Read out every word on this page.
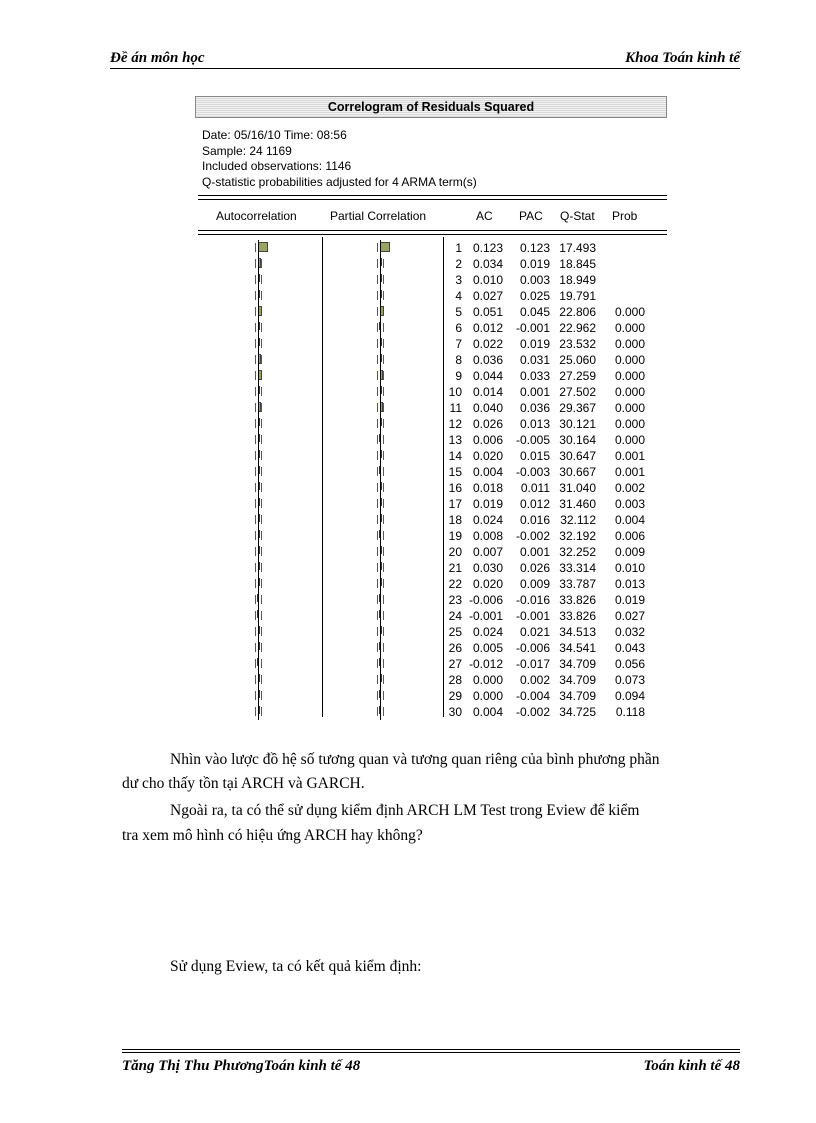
Đề án môn học	Khoa Toán kinh tế
Correlogram of Residuals Squared
Date: 05/16/10 Time: 08:56
Sample: 24 1169
Included observations: 1146
Q-statistic probabilities adjusted for 4 ARMA term(s)
Autocorrelation	Partial Correlation	AC PAC Q-Stat Prob
1 0.123	0.123 17.493
2 0.034	0.019 18.845
3 0.010	0.003 18.949
4 0.027	0.025 19.791
5 0.051	0.045 22.806	0.000
6 0.012	-0.001 22.962	0.000
7 0.022	0.019 23.532	0.000
8 0.036	0.031 25.060	0.000
9 0.044	0.033 27.259	0.000
10 0.014	0.001 27.502	0.000
11 0.040	0.036 29.367	0.000
12 0.026	0.013 30.121	0.000
13 0.006	-0.005 30.164	0.000
14 0.020	0.015 30.647	0.001
15 0.004	-0.003 30.667	0.001
16 0.018	0.011 31.040	0.002
17 0.019	0.012 31.460	0.003
18 0.024	0.016 32.112	0.004
19 0.008	-0.002 32.192	0.006
20 0.007	0.001 32.252	0.009
21 0.030	0.026 33.314	0.010
22 0.020	0.009 33.787	0.013
23 -0.006	-0.016 33.826	0.019
24 -0.001	-0.001 33.826	0.027
25 0.024	0.021 34.513	0.032
26 0.005	-0.006 34.541	0.043
27 -0.012	-0.017 34.709	0.056
28 0.000	0.002 34.709	0.073
29 0.000	-0.004 34.709	0.094
30 0.004	-0.002 34.725	0.118
Nhìn vào lược đồ hệ số tương quan và tương quan riêng của bình phương phần
dư cho thấy tồn tại ARCH và GARCH.
Ngoài ra, ta có thể sử dụng kiểm định ARCH LM Test trong Eview để kiểm
tra xem mô hình có hiệu ứng ARCH hay không?
Sử dụng Eview, ta có kết quả kiểm định:
Tăng Thị Thu PhươngToán kinh tế 48	Toán kinh tế 48
